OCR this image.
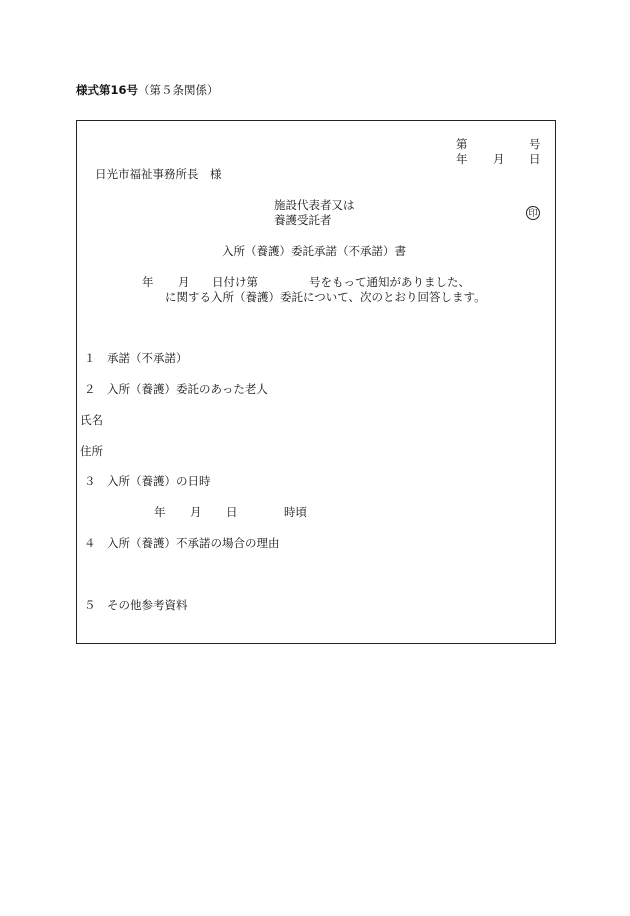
様式第16号（第５条関係）
第	号
年 月 日
日光市福祉事務所長　様
施設代表者又は
養護受託者	印
入所（養護）委託承諾（不承諾）書
年 月 日付け第	号をもって通知がありました、
に関する入所（養護）委託について、次のとおり回答します。
１　承諾（不承諾）
２　入所（養護）委託のあった老人
氏名
住所
３　入所（養護）の日時
年 月 日	時頃
４　入所（養護）不承諾の場合の理由
５　その他参考資料
